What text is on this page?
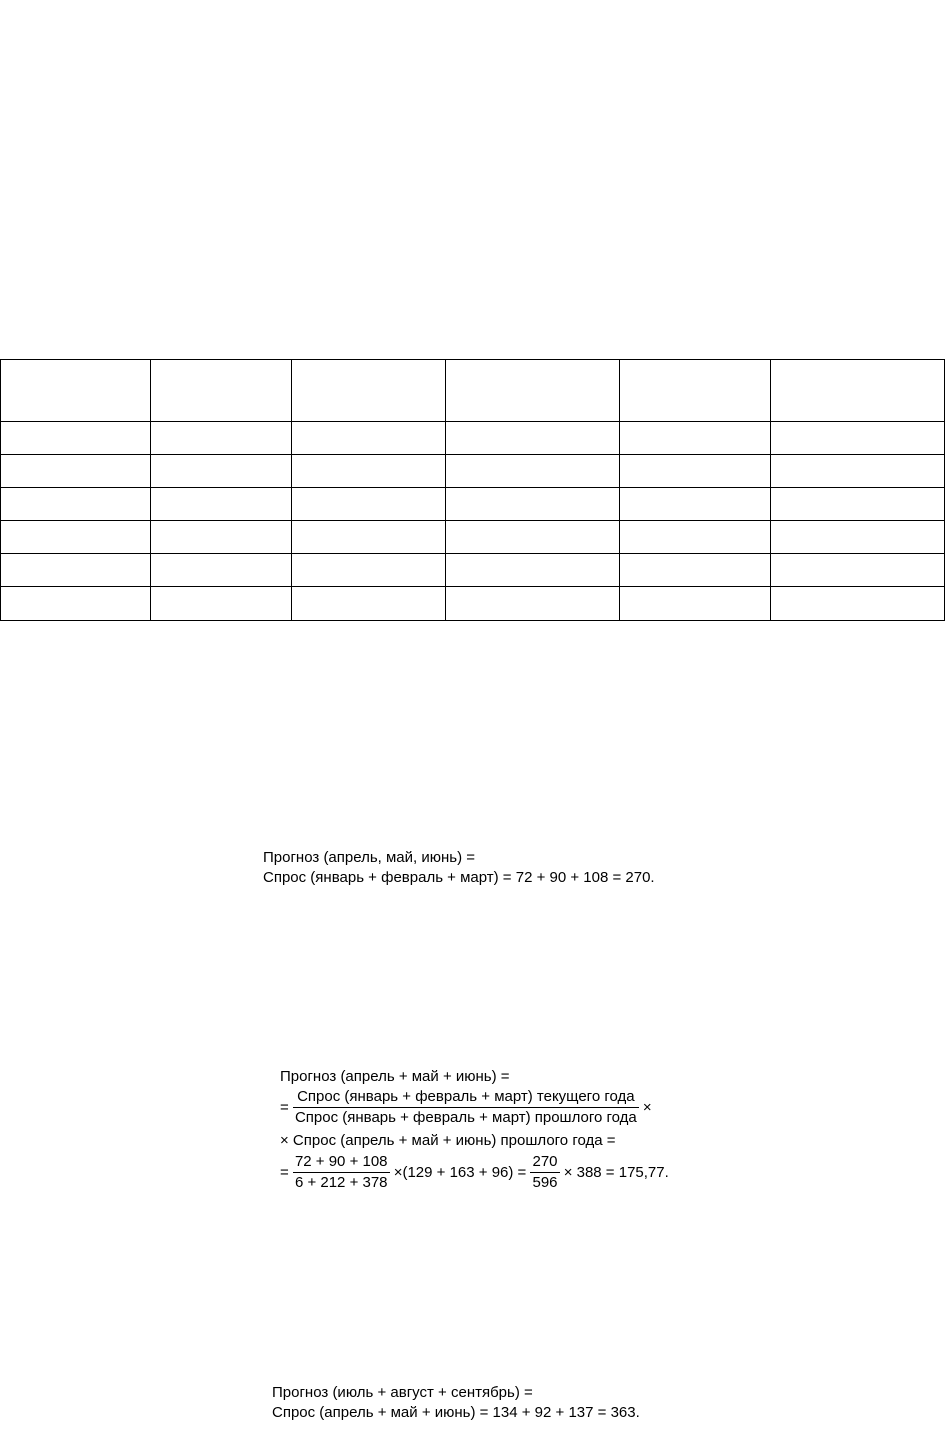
Прогноз (апрель, май, июнь) =
Спрос (январь + февраль + март) = 72 + 90 + 108 = 270.
Прогноз (апрель + май + июнь) =
= $\frac{\text{Спрос (январь + февраль + март) текущего года}}{\text{Спрос (январь + февраль + март) прошлого года}}$ ×
× Спрос (апрель + май + июнь) прошлого года =
= $\frac{72 + 90 + 108}{6 + 212 + 378} \times(129 + 163 + 96) = \frac{270}{596} \times 388 = 175,77$.
Прогноз (июль + август + сентябрь) =
Спрос (апрель + май + июнь) = 134 + 92 + 137 = 363.
